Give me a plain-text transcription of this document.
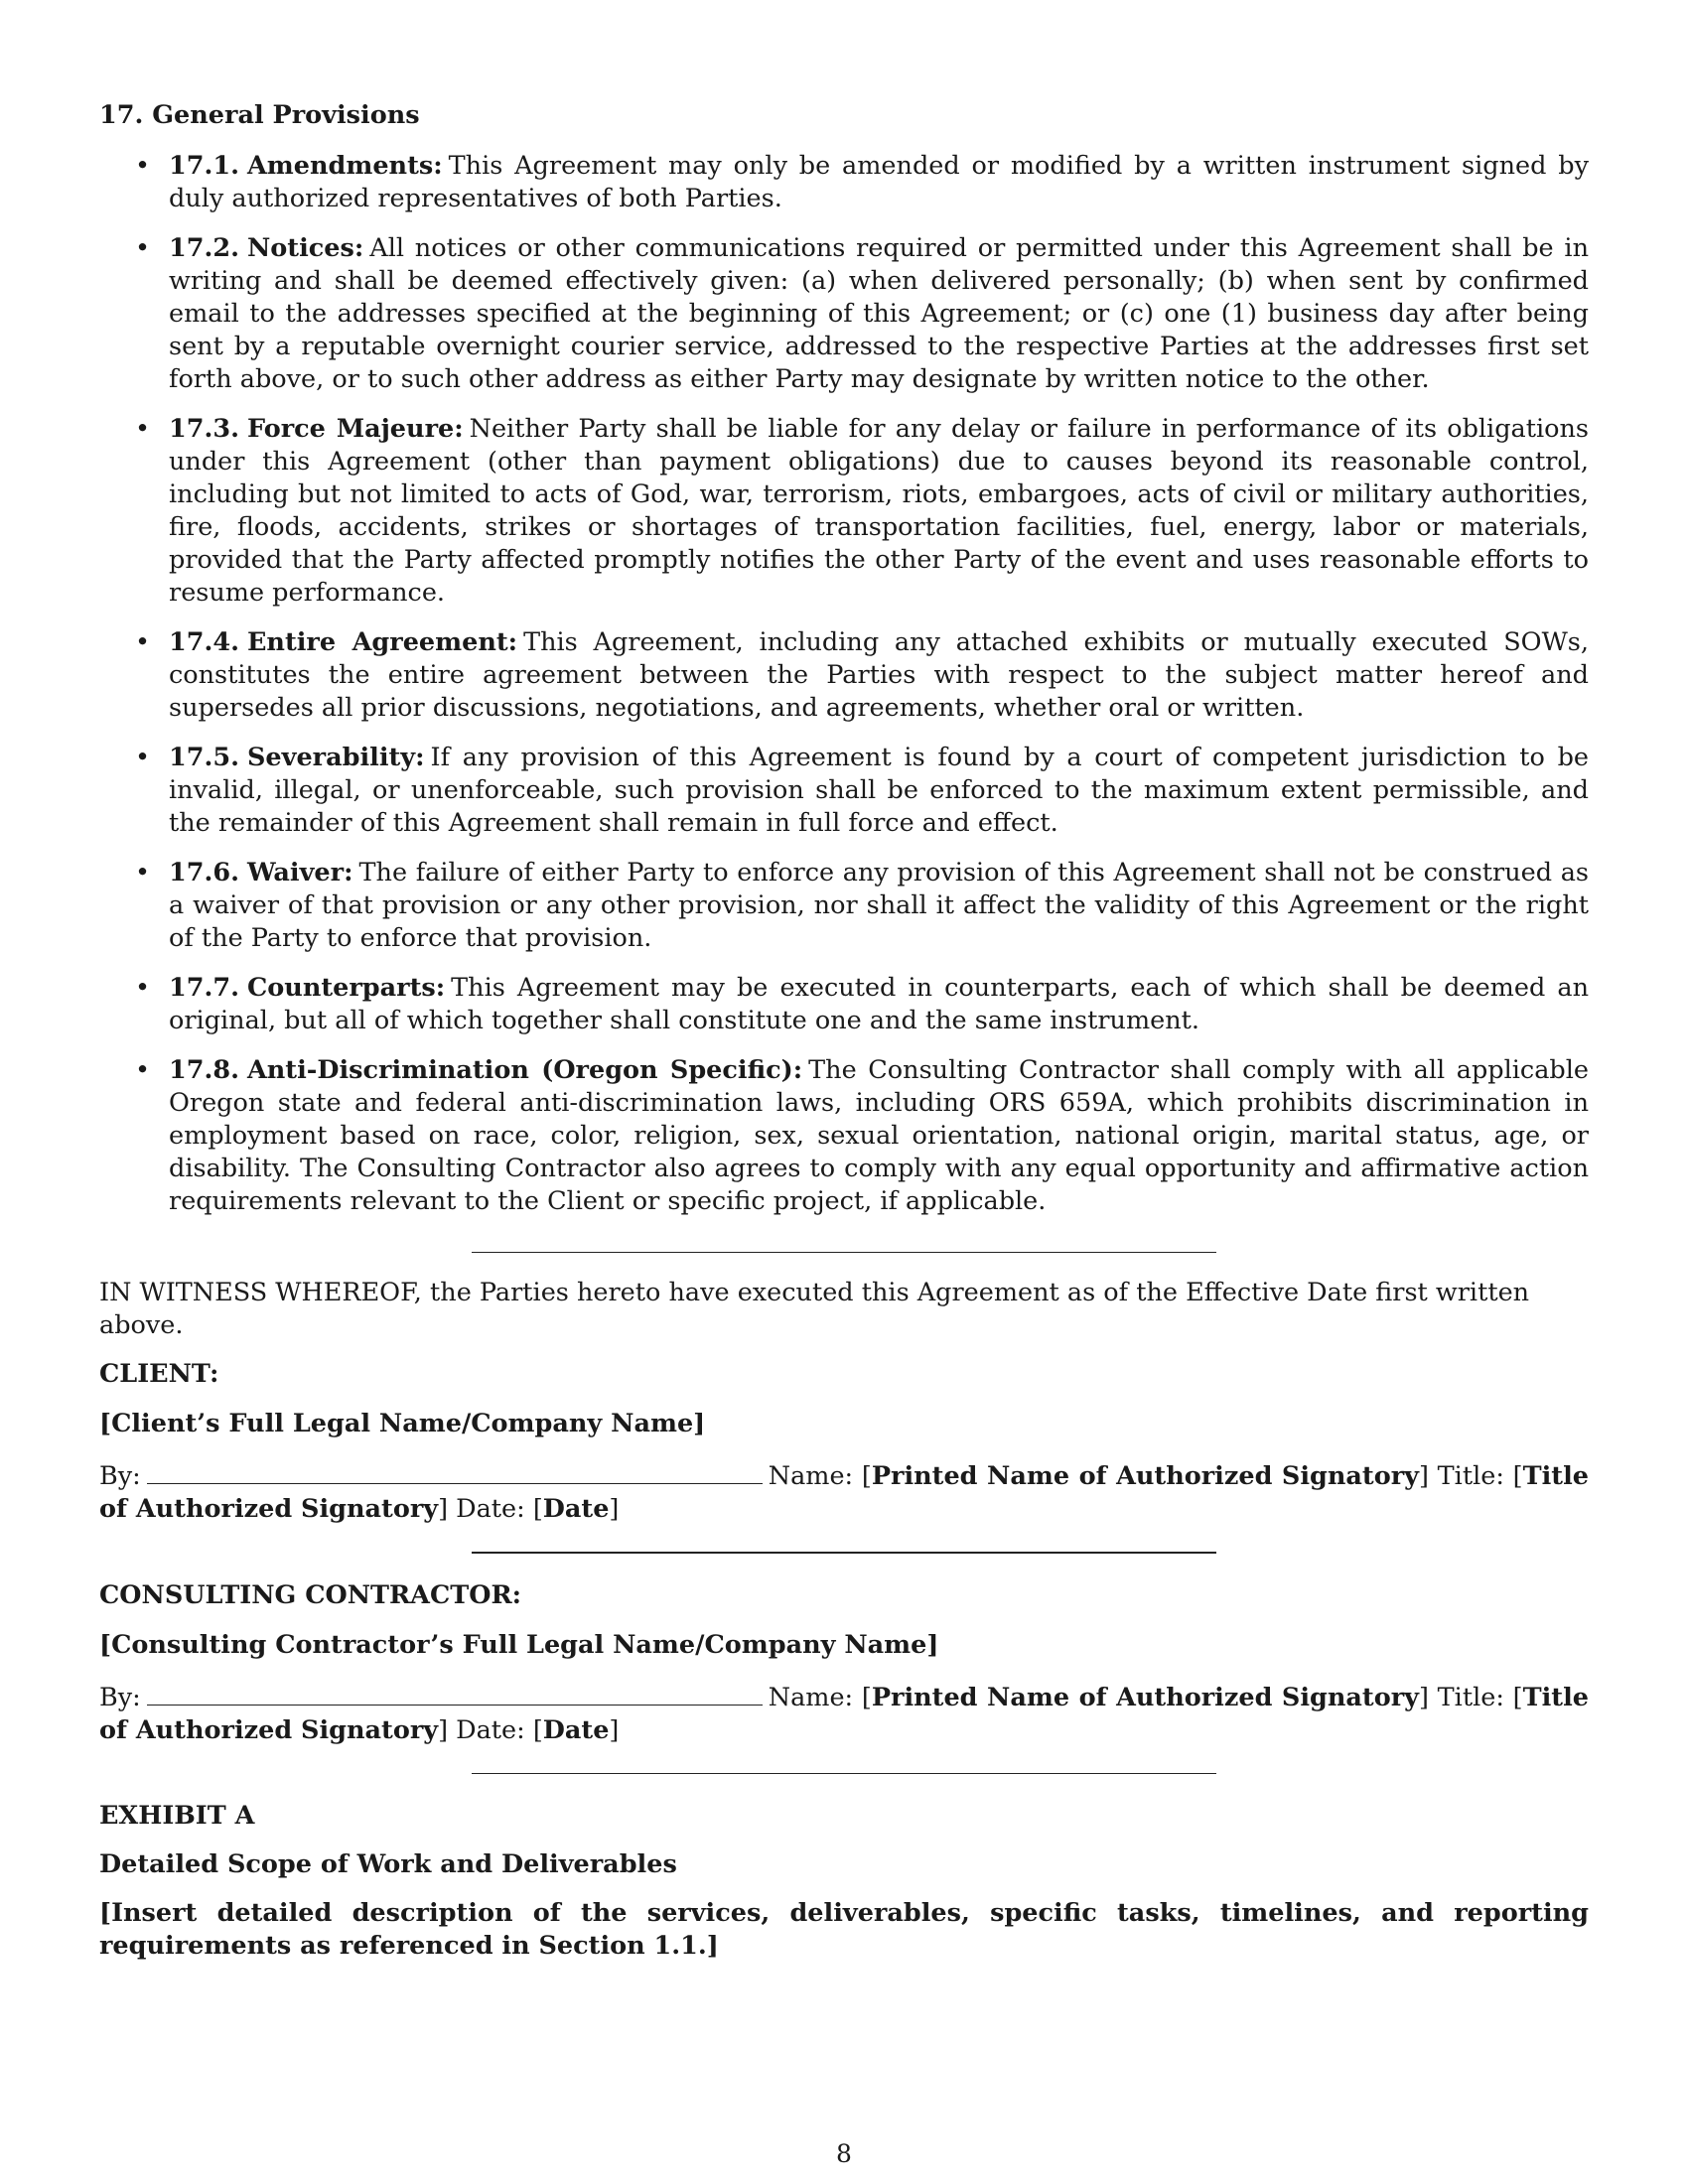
17. General Provisions

• 17.1. Amendments: This Agreement may only be amended or modified by a written instrument signed by duly authorized representatives of both Parties.
• 17.2. Notices: All notices or other communications required or permitted under this Agreement shall be in writing and shall be deemed effectively given: (a) when delivered personally; (b) when sent by confirmed email to the addresses specified at the beginning of this Agreement; or (c) one (1) business day after being sent by a reputable overnight courier service, addressed to the respective Parties at the addresses first set forth above, or to such other address as either Party may designate by written notice to the other.
• 17.3. Force Majeure: Neither Party shall be liable for any delay or failure in performance of its obligations under this Agreement (other than payment obligations) due to causes beyond its reasonable control, including but not limited to acts of God, war, terrorism, riots, embargoes, acts of civil or military authorities, fire, floods, accidents, strikes or shortages of transportation facilities, fuel, energy, labor or materials, provided that the Party affected promptly notifies the other Party of the event and uses reasonable efforts to resume performance.
• 17.4. Entire Agreement: This Agreement, including any attached exhibits or mutually executed SOWs, constitutes the entire agreement between the Parties with respect to the subject matter hereof and supersedes all prior discussions, negotiations, and agreements, whether oral or written.
• 17.5. Severability: If any provision of this Agreement is found by a court of competent jurisdiction to be invalid, illegal, or unenforceable, such provision shall be enforced to the maximum extent permissible, and the remainder of this Agreement shall remain in full force and effect.
• 17.6. Waiver: The failure of either Party to enforce any provision of this Agreement shall not be construed as a waiver of that provision or any other provision, nor shall it affect the validity of this Agreement or the right of the Party to enforce that provision.
• 17.7. Counterparts: This Agreement may be executed in counterparts, each of which shall be deemed an original, but all of which together shall constitute one and the same instrument.
• 17.8. Anti-Discrimination (Oregon Specific): The Consulting Contractor shall comply with all applicable Oregon state and federal anti-discrimination laws, including ORS 659A, which prohibits discrimination in employment based on race, color, religion, sex, sexual orientation, national origin, marital status, age, or disability. The Consulting Contractor also agrees to comply with any equal opportunity and affirmative action requirements relevant to the Client or specific project, if applicable.

IN WITNESS WHEREOF, the Parties hereto have executed this Agreement as of the Effective Date first written above.

CLIENT:

[Client’s Full Legal Name/Company Name]

By:	Name: [Printed Name of Authorized Signatory] Title: [Title of Authorized Signatory] Date: [Date]

CONSULTING CONTRACTOR:

[Consulting Contractor’s Full Legal Name/Company Name]

By:	Name: [Printed Name of Authorized Signatory] Title: [Title of Authorized Signatory] Date: [Date]

EXHIBIT A

Detailed Scope of Work and Deliverables

[Insert detailed description of the services, deliverables, specific tasks, timelines, and reporting requirements as referenced in Section 1.1.]

8
